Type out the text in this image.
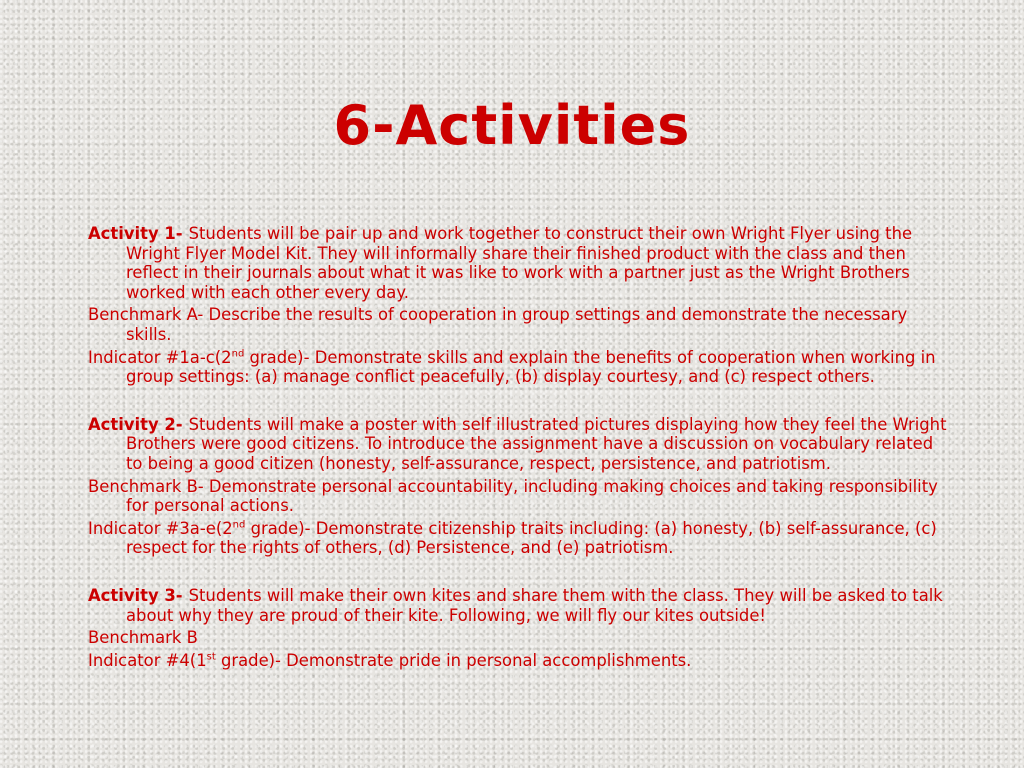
6-Activities

Activity 1- Students will be pair up and work together to construct their own Wright Flyer using the Wright Flyer Model Kit. They will informally share their finished product with the class and then reflect in their journals about what it was like to work with a partner just as the Wright Brothers worked with each other every day.

Benchmark A- Describe the results of cooperation in group settings and demonstrate the necessary skills.

Indicator #1a-c(2nd grade)- Demonstrate skills and explain the benefits of cooperation when working in group settings: (a) manage conflict peacefully, (b) display courtesy, and (c) respect others.

Activity 2- Students will make a poster with self illustrated pictures displaying how they feel the Wright Brothers were good citizens. To introduce the assignment have a discussion on vocabulary related to being a good citizen (honesty, self-assurance, respect, persistence, and patriotism.

Benchmark B- Demonstrate personal accountability, including making choices and taking responsibility for personal actions.

Indicator #3a-e(2nd grade)- Demonstrate citizenship traits including: (a) honesty, (b) self-assurance, (c) respect for the rights of others, (d) Persistence, and (e) patriotism.

Activity 3- Students will make their own kites and share them with the class. They will be asked to talk about why they are proud of their kite. Following, we will fly our kites outside!

Benchmark B

Indicator #4(1st grade)- Demonstrate pride in personal accomplishments.
